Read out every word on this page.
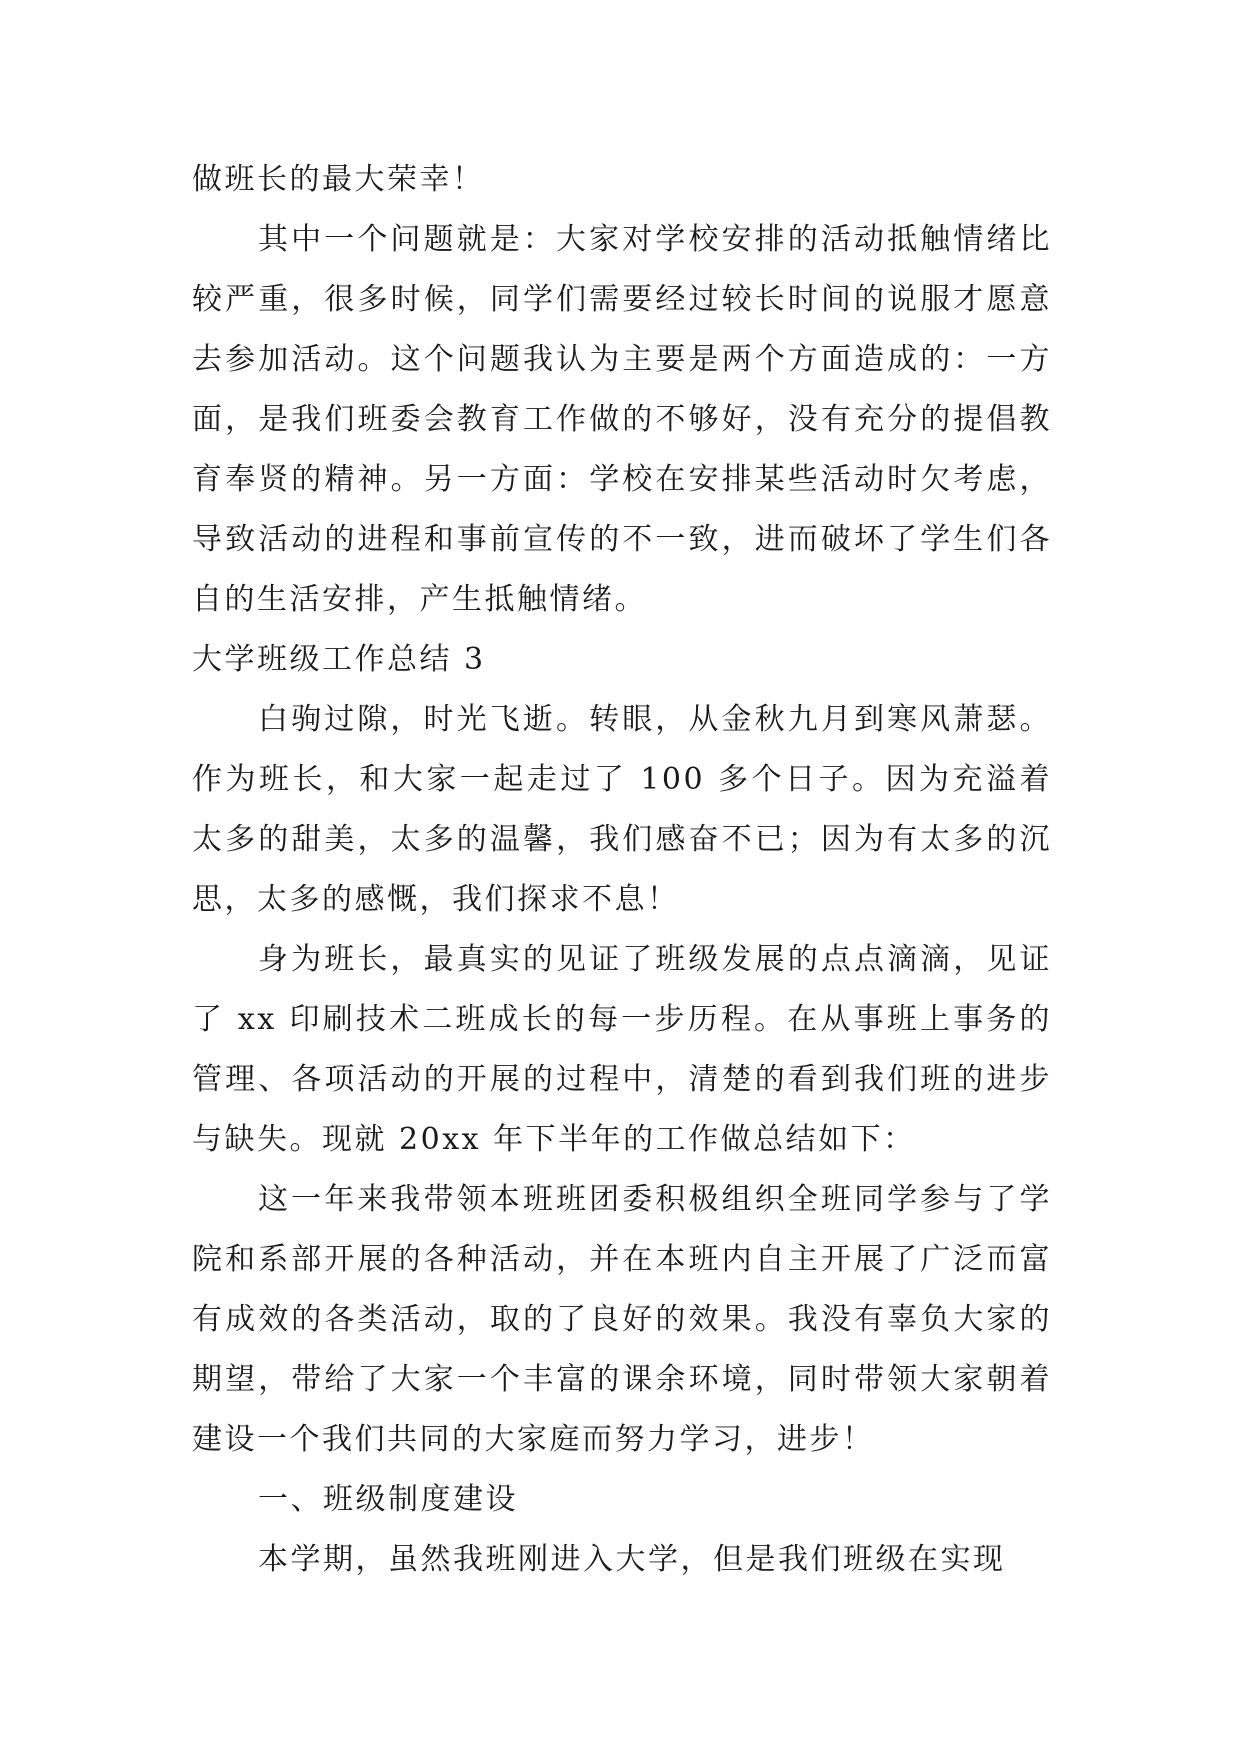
做班长的最大荣幸！

其中一个问题就是：大家对学校安排的活动抵触情绪比较严重，很多时候，同学们需要经过较长时间的说服才愿意去参加活动。这个问题我认为主要是两个方面造成的：一方面，是我们班委会教育工作做的不够好，没有充分的提倡教育奉贤的精神。另一方面：学校在安排某些活动时欠考虑，导致活动的进程和事前宣传的不一致，进而破坏了学生们各自的生活安排，产生抵触情绪。

大学班级工作总结 3

白驹过隙，时光飞逝。转眼，从金秋九月到寒风萧瑟。作为班长，和大家一起走过了 100 多个日子。因为充溢着太多的甜美，太多的温馨，我们感奋不已；因为有太多的沉思，太多的感慨，我们探求不息！

身为班长，最真实的见证了班级发展的点点滴滴，见证了 xx 印刷技术二班成长的每一步历程。在从事班上事务的管理、各项活动的开展的过程中，清楚的看到我们班的进步与缺失。现就 20xx 年下半年的工作做总结如下：

这一年来我带领本班班团委积极组织全班同学参与了学院和系部开展的各种活动，并在本班内自主开展了广泛而富有成效的各类活动，取的了良好的效果。我没有辜负大家的期望，带给了大家一个丰富的课余环境，同时带领大家朝着建设一个我们共同的大家庭而努力学习，进步！

一、班级制度建设

本学期，虽然我班刚进入大学，但是我们班级在实现
